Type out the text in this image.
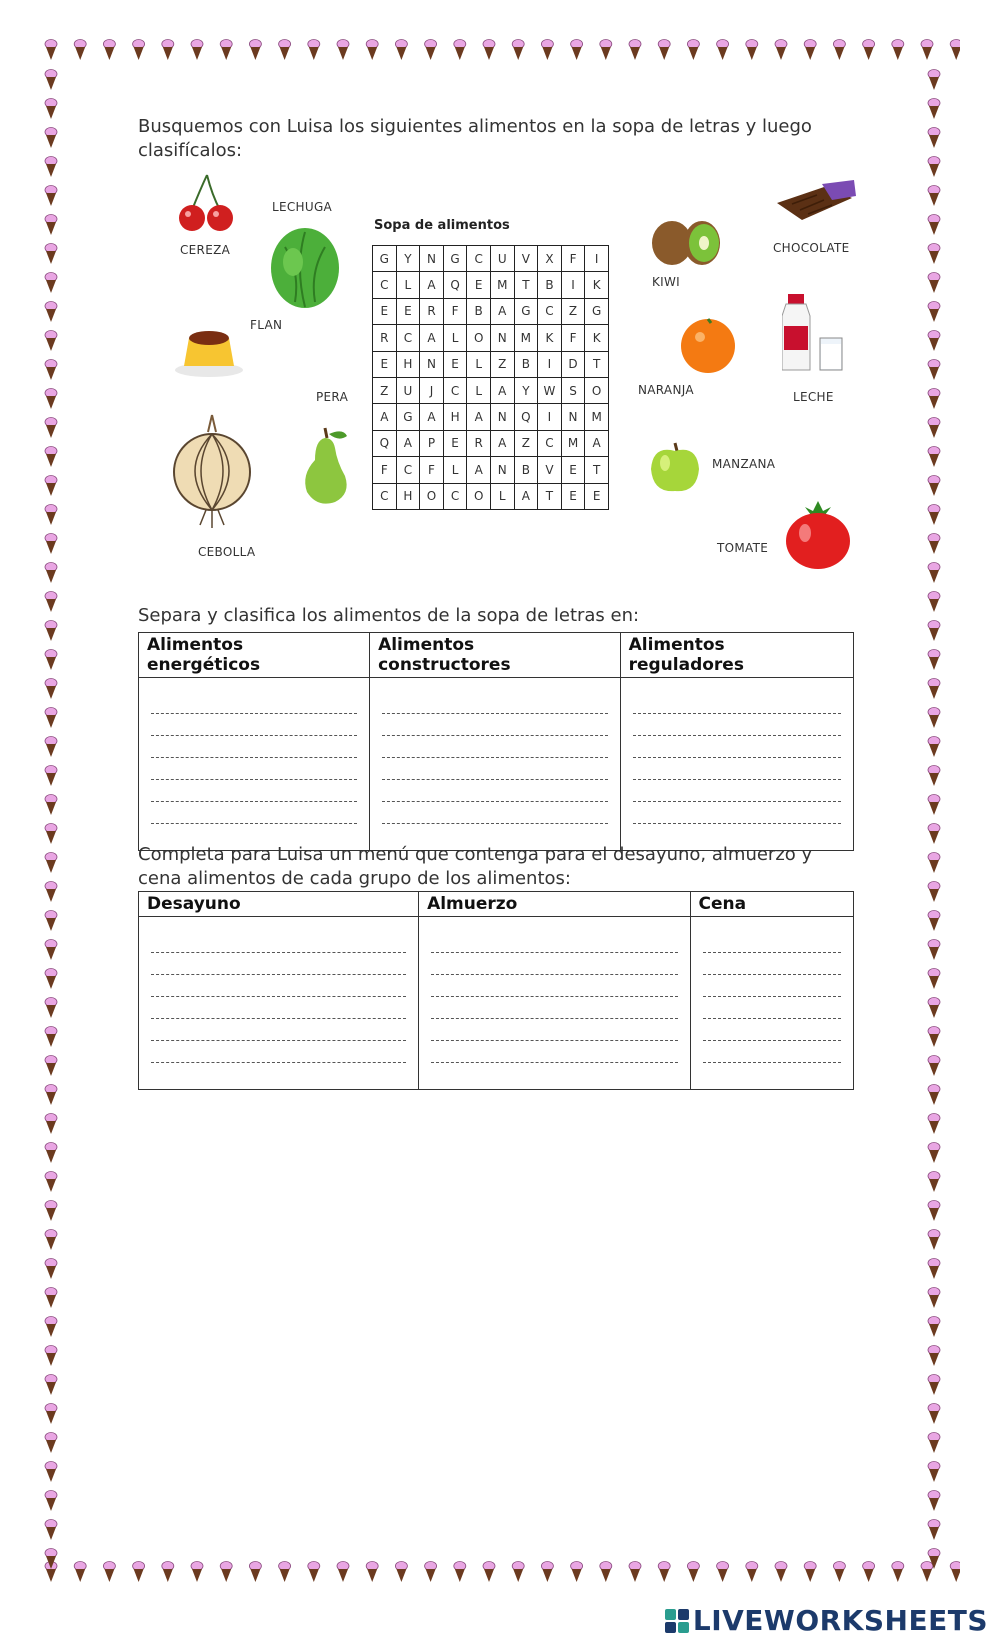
Busquemos con Luisa los siguientes alimentos en la sopa de letras y luego clasifícalos:
CEREZA
LECHUGA
FLAN
PERA
CEBOLLA
Sopa de alimentos
G	Y	N	G	C	U	V	X	F	I
C	L	A	Q	E	M	T	B	I	K
E	E	R	F	B	A	G	C	Z	G
R	C	A	L	O	N	M	K	F	K
E	H	N	E	L	Z	B	I	D	T
Z	U	J	C	L	A	Y	W	S	O
A	G	A	H	A	N	Q	I	N	M
Q	A	P	E	R	A	Z	C	M	A
F	C	F	L	A	N	B	V	E	T
C	H	O	C	O	L	A	T	E	E
KIWI
CHOCOLATE
NARANJA	LECHE
MANZANA
TOMATE
Separa y clasifica los alimentos de la sopa de letras en:
Alimentos energéticos	Alimentos constructores	Alimentos reguladores

Completa para Luisa un menú que contenga para el desayuno, almuerzo y cena alimentos de cada grupo de los alimentos:
Desayuno	Almuerzo	Cena

LIVEWORKSHEETS
